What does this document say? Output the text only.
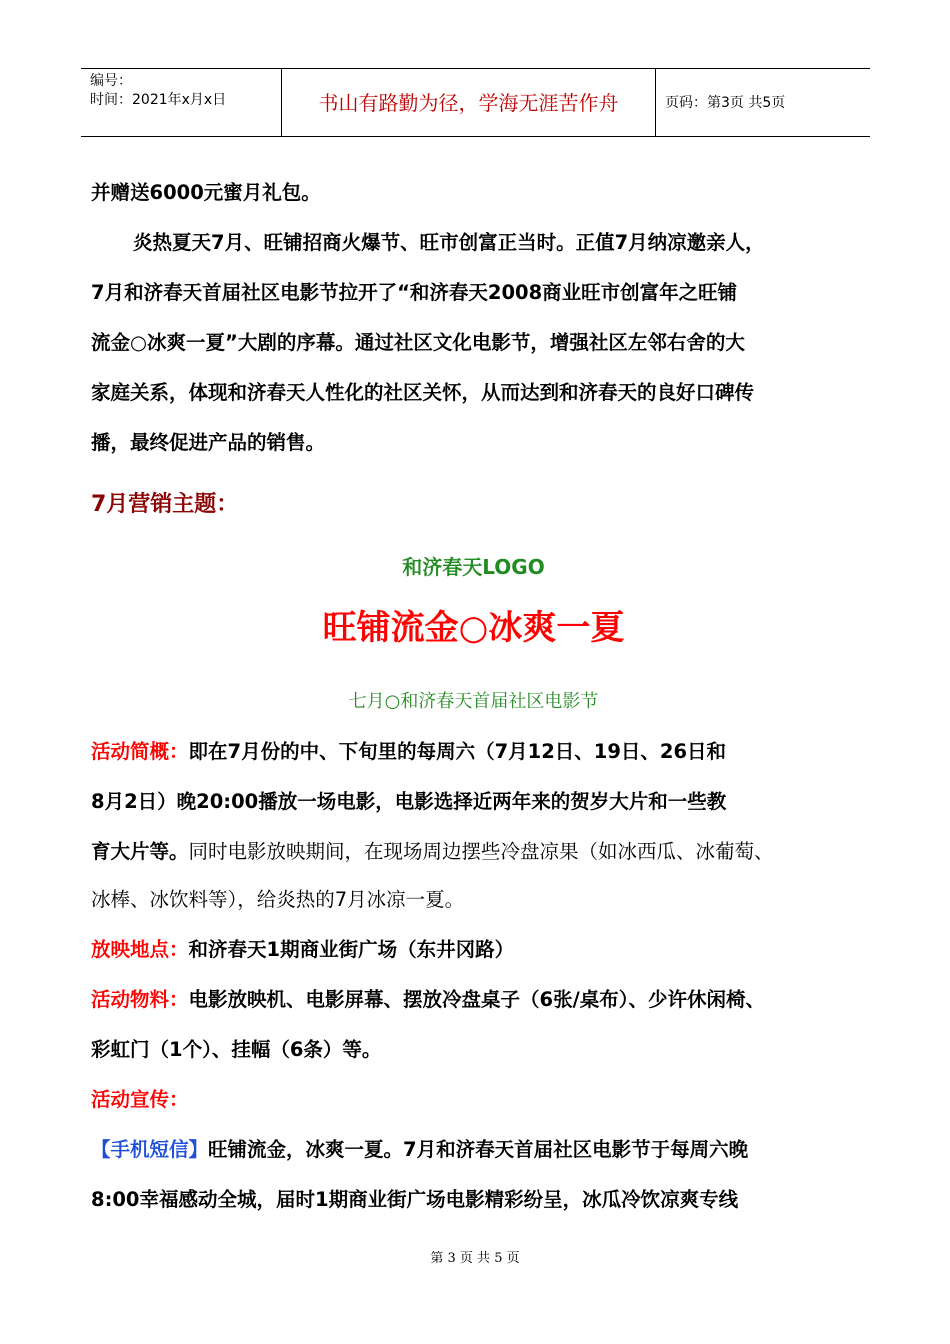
编号：
时间：2021年x月x日	书山有路勤为径，学海无涯苦作舟	页码：第3页 共5页
并赠送6000元蜜月礼包。
炎热夏天7月、旺铺招商火爆节、旺市创富正当时。正值7月纳凉邀亲人，
7月和济春天首届社区电影节拉开了“和济春天2008商业旺市创富年之旺铺
流金○冰爽一夏”大剧的序幕。通过社区文化电影节，增强社区左邻右舍的大
家庭关系，体现和济春天人性化的社区关怀，从而达到和济春天的良好口碑传
播，最终促进产品的销售。
7月营销主题：
和济春天LOGO
旺铺流金○冰爽一夏
七月○和济春天首届社区电影节
活动简概：即在7月份的中、下旬里的每周六（7月12日、19日、26日和
8月2日）晚20:00播放一场电影，电影选择近两年来的贺岁大片和一些教
育大片等。同时电影放映期间，在现场周边摆些冷盘凉果（如冰西瓜、冰葡萄、
冰棒、冰饮料等），给炎热的7月冰凉一夏。
放映地点：和济春天1期商业街广场（东井冈路）
活动物料：电影放映机、电影屏幕、摆放冷盘桌子（6张/桌布）、少许休闲椅、
彩虹门（1个）、挂幅（6条）等。
活动宣传：
【手机短信】旺铺流金，冰爽一夏。7月和济春天首届社区电影节于每周六晚
8:00幸福感动全城，届时1期商业街广场电影精彩纷呈，冰瓜冷饮凉爽专线
第 3 页 共 5 页
